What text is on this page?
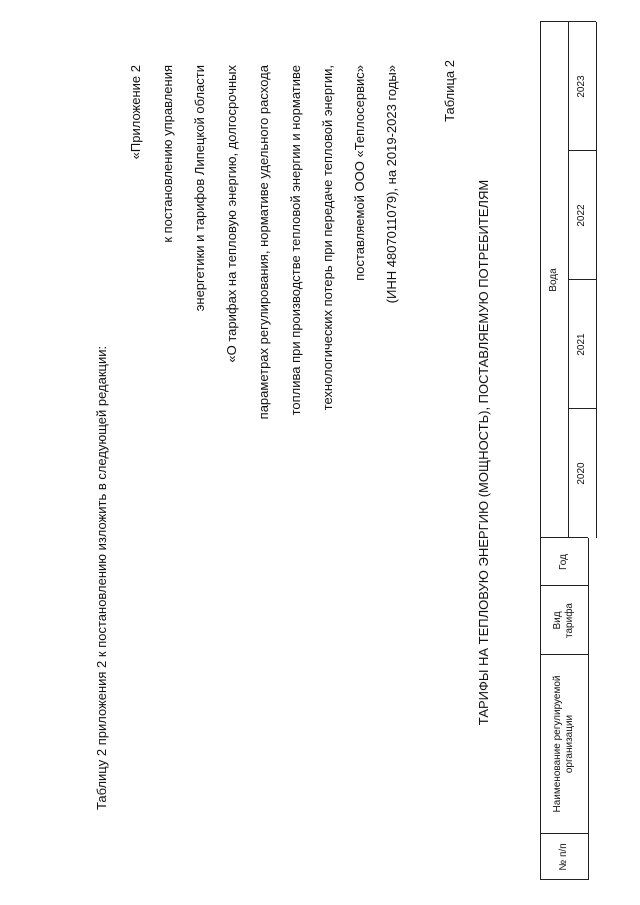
Таблицу 2 приложения 2 к постановлению изложить в следующей редакции:
«Приложение 2 к постановлению управления энергетики и тарифов Липецкой области «О тарифах на тепловую энергию, долгосрочных параметрах регулирования, нормативе удельного расхода топлива при производстве тепловой энергии и нормативе технологических потерь при передаче тепловой энергии, поставляемой ООО «Теплосервис» (ИНН 4807011079), на 2019-2023 годы»	Таблица 2
ТАРИФЫ НА ТЕПЛОВУЮ ЭНЕРГИЮ (МОЩНОСТЬ), ПОСТАВЛЯЕМУЮ ПОТРЕБИТЕЛЯМ
№ п/п
Наименование регулируемой организации
Вид тарифа
Год
Вода
2020
2021
2022
2023
